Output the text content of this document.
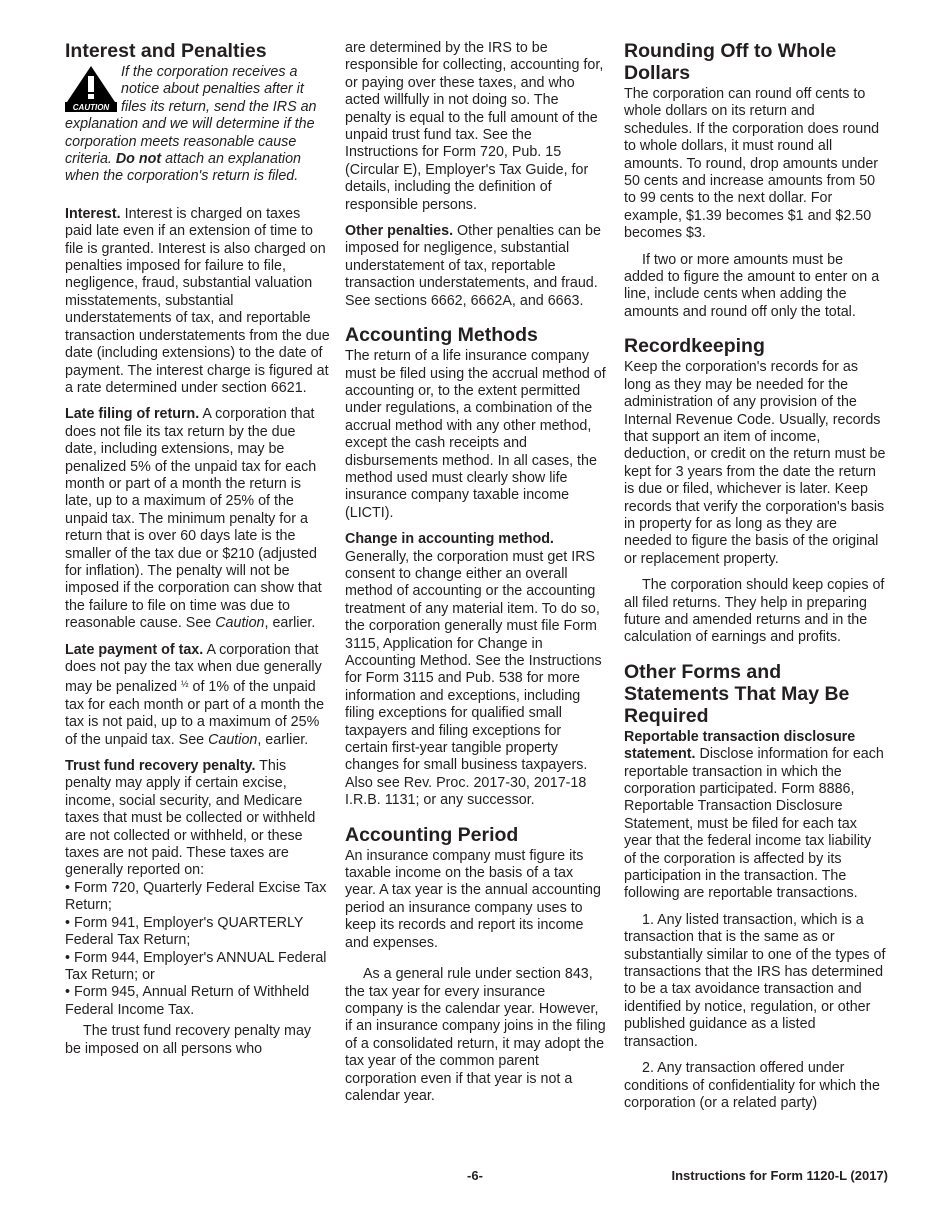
Interest and Penalties
CAUTION
If the corporation receives a notice about penalties after it files its return, send the IRS an explanation and we will determine if the corporation meets reasonable cause criteria. Do not attach an explanation when the corporation's return is filed.

Interest. Interest is charged on taxes paid late even if an extension of time to file is granted. Interest is also charged on penalties imposed for failure to file, negligence, fraud, substantial valuation misstatements, substantial understatements of tax, and reportable transaction understatements from the due date (including extensions) to the date of payment. The interest charge is figured at a rate determined under section 6621.

Late filing of return. A corporation that does not file its tax return by the due date, including extensions, may be penalized 5% of the unpaid tax for each month or part of a month the return is late, up to a maximum of 25% of the unpaid tax. The minimum penalty for a return that is over 60 days late is the smaller of the tax due or $210 (adjusted for inflation). The penalty will not be imposed if the corporation can show that the failure to file on time was due to reasonable cause. See Caution, earlier.

Late payment of tax. A corporation that does not pay the tax when due generally may be penalized $^{\frac{1}{2}}$ of 1% of the unpaid tax for each month or part of a month the tax is not paid, up to a maximum of 25% of the unpaid tax. See Caution, earlier.

Trust fund recovery penalty. This penalty may apply if certain excise, income, social security, and Medicare taxes that must be collected or withheld are not collected or withheld, or these taxes are not paid. These taxes are generally reported on:

• Form 720, Quarterly Federal Excise Tax Return;

• Form 941, Employer's QUARTERLY Federal Tax Return;

• Form 944, Employer's ANNUAL Federal Tax Return; or

• Form 945, Annual Return of Withheld Federal Income Tax.

The trust fund recovery penalty may be imposed on all persons who

are determined by the IRS to be responsible for collecting, accounting for, or paying over these taxes, and who acted willfully in not doing so. The penalty is equal to the full amount of the unpaid trust fund tax. See the Instructions for Form 720, Pub. 15 (Circular E), Employer's Tax Guide, for details, including the definition of responsible persons.

Other penalties. Other penalties can be imposed for negligence, substantial understatement of tax, reportable transaction understatements, and fraud. See sections 6662, 6662A, and 6663.

Accounting Methods

The return of a life insurance company must be filed using the accrual method of accounting or, to the extent permitted under regulations, a combination of the accrual method with any other method, except the cash receipts and disbursements method. In all cases, the method used must clearly show life insurance company taxable income (LICTI).

Change in accounting method.

Generally, the corporation must get IRS consent to change either an overall method of accounting or the accounting treatment of any material item. To do so, the corporation generally must file Form 3115, Application for Change in Accounting Method. See the Instructions for Form 3115 and Pub. 538 for more information and exceptions, including filing exceptions for qualified small taxpayers and filing exceptions for certain first-year tangible property changes for small business taxpayers. Also see Rev. Proc. 2017-30, 2017-18 I.R.B. 1131; or any successor.

Accounting Period

An insurance company must figure its taxable income on the basis of a tax year. A tax year is the annual accounting period an insurance company uses to keep its records and report its income and expenses.

As a general rule under section 843, the tax year for every insurance company is the calendar year. However, if an insurance company joins in the filing of a consolidated return, it may adopt the tax year of the common parent corporation even if that year is not a calendar year.

Rounding Off to Whole Dollars

The corporation can round off cents to whole dollars on its return and schedules. If the corporation does round to whole dollars, it must round all amounts. To round, drop amounts under 50 cents and increase amounts from 50 to 99 cents to the next dollar. For example, $1.39 becomes $1 and $2.50 becomes $3.

If two or more amounts must be added to figure the amount to enter on a line, include cents when adding the amounts and round off only the total.

Recordkeeping

Keep the corporation's records for as long as they may be needed for the administration of any provision of the Internal Revenue Code. Usually, records that support an item of income, deduction, or credit on the return must be kept for 3 years from the date the return is due or filed, whichever is later. Keep records that verify the corporation's basis in property for as long as they are needed to figure the basis of the original or replacement property.

The corporation should keep copies of all filed returns. They help in preparing future and amended returns and in the calculation of earnings and profits.

Other Forms and Statements That May Be Required

Reportable transaction disclosure statement. Disclose information for each reportable transaction in which the corporation participated. Form 8886, Reportable Transaction Disclosure Statement, must be filed for each tax year that the federal income tax liability of the corporation is affected by its participation in the transaction. The following are reportable transactions.

1. Any listed transaction, which is a transaction that is the same as or substantially similar to one of the types of transactions that the IRS has determined to be a tax avoidance transaction and identified by notice, regulation, or other published guidance as a listed transaction.

2. Any transaction offered under conditions of confidentiality for which the corporation (or a related party)

-6-	Instructions for Form 1120-L (2017)
